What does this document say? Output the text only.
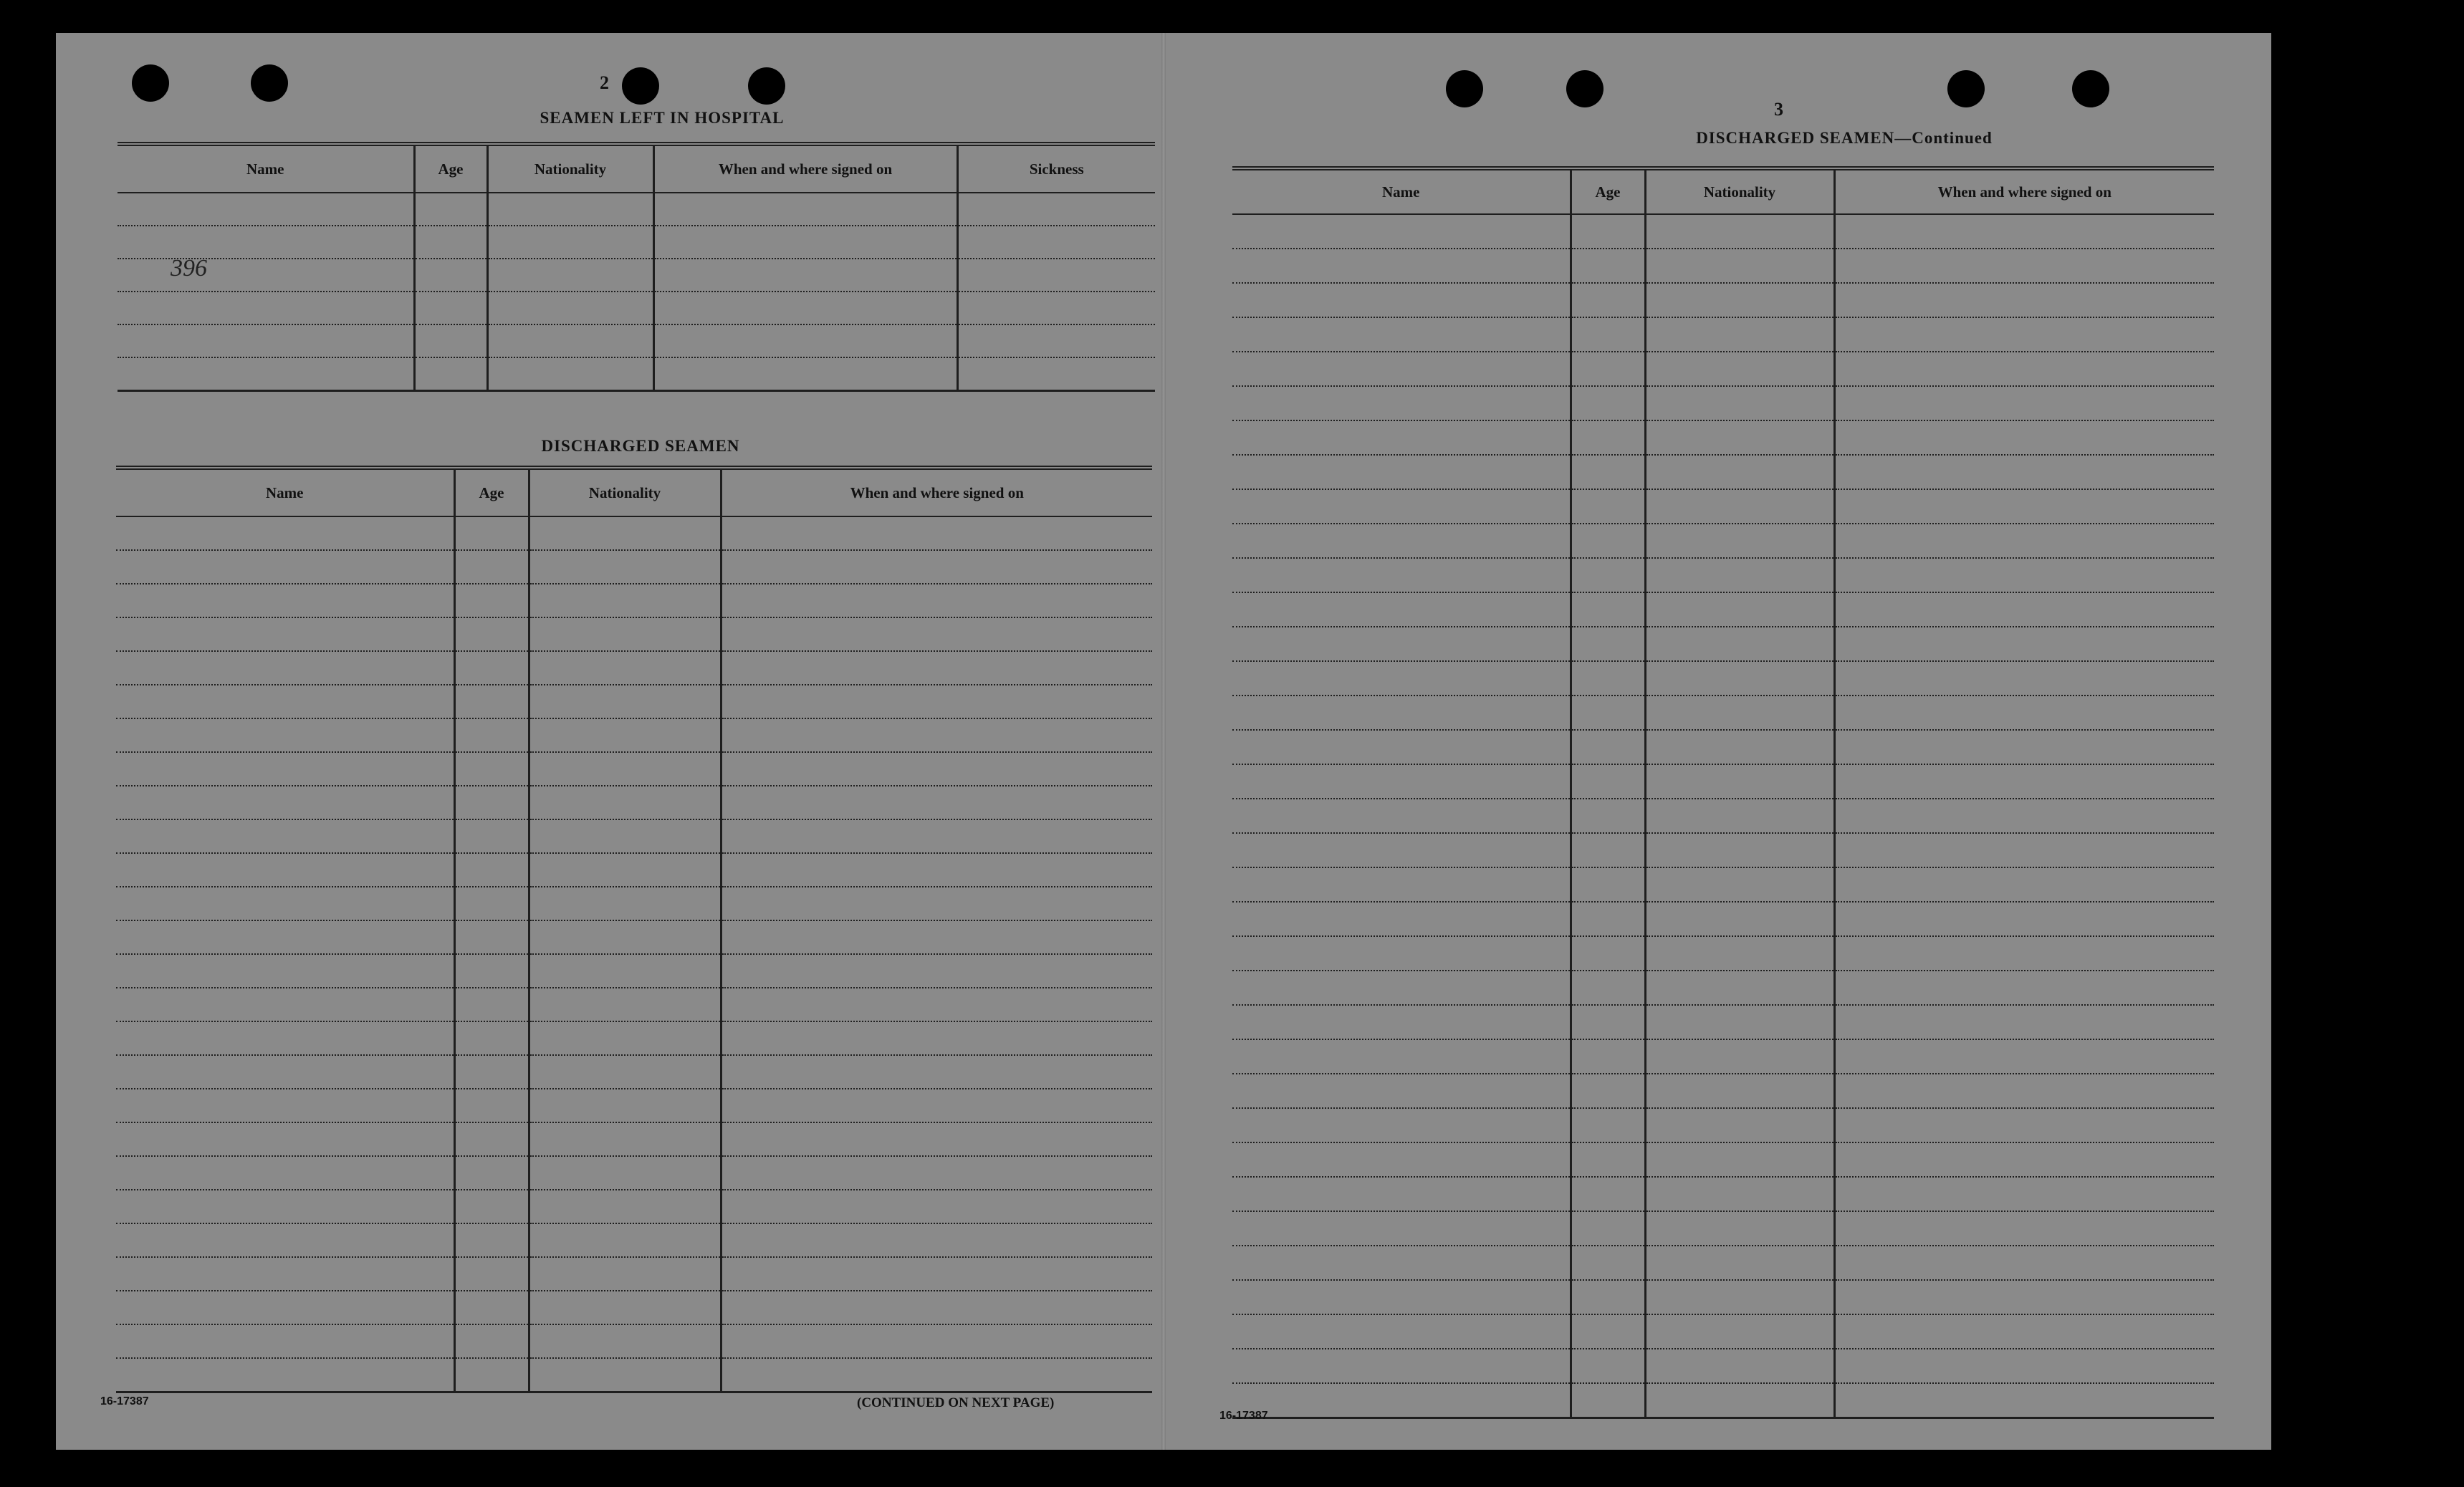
2
SEAMEN LEFT IN HOSPITAL
Name	Age	Nationality	When and where signed on	Sickness

396
DISCHARGED SEAMEN
Name	Age	Nationality	When and where signed on

16-17387	(CONTINUED ON NEXT PAGE)
3
DISCHARGED SEAMEN—Continued
Name	Age	Nationality	When and where signed on

16-17387
